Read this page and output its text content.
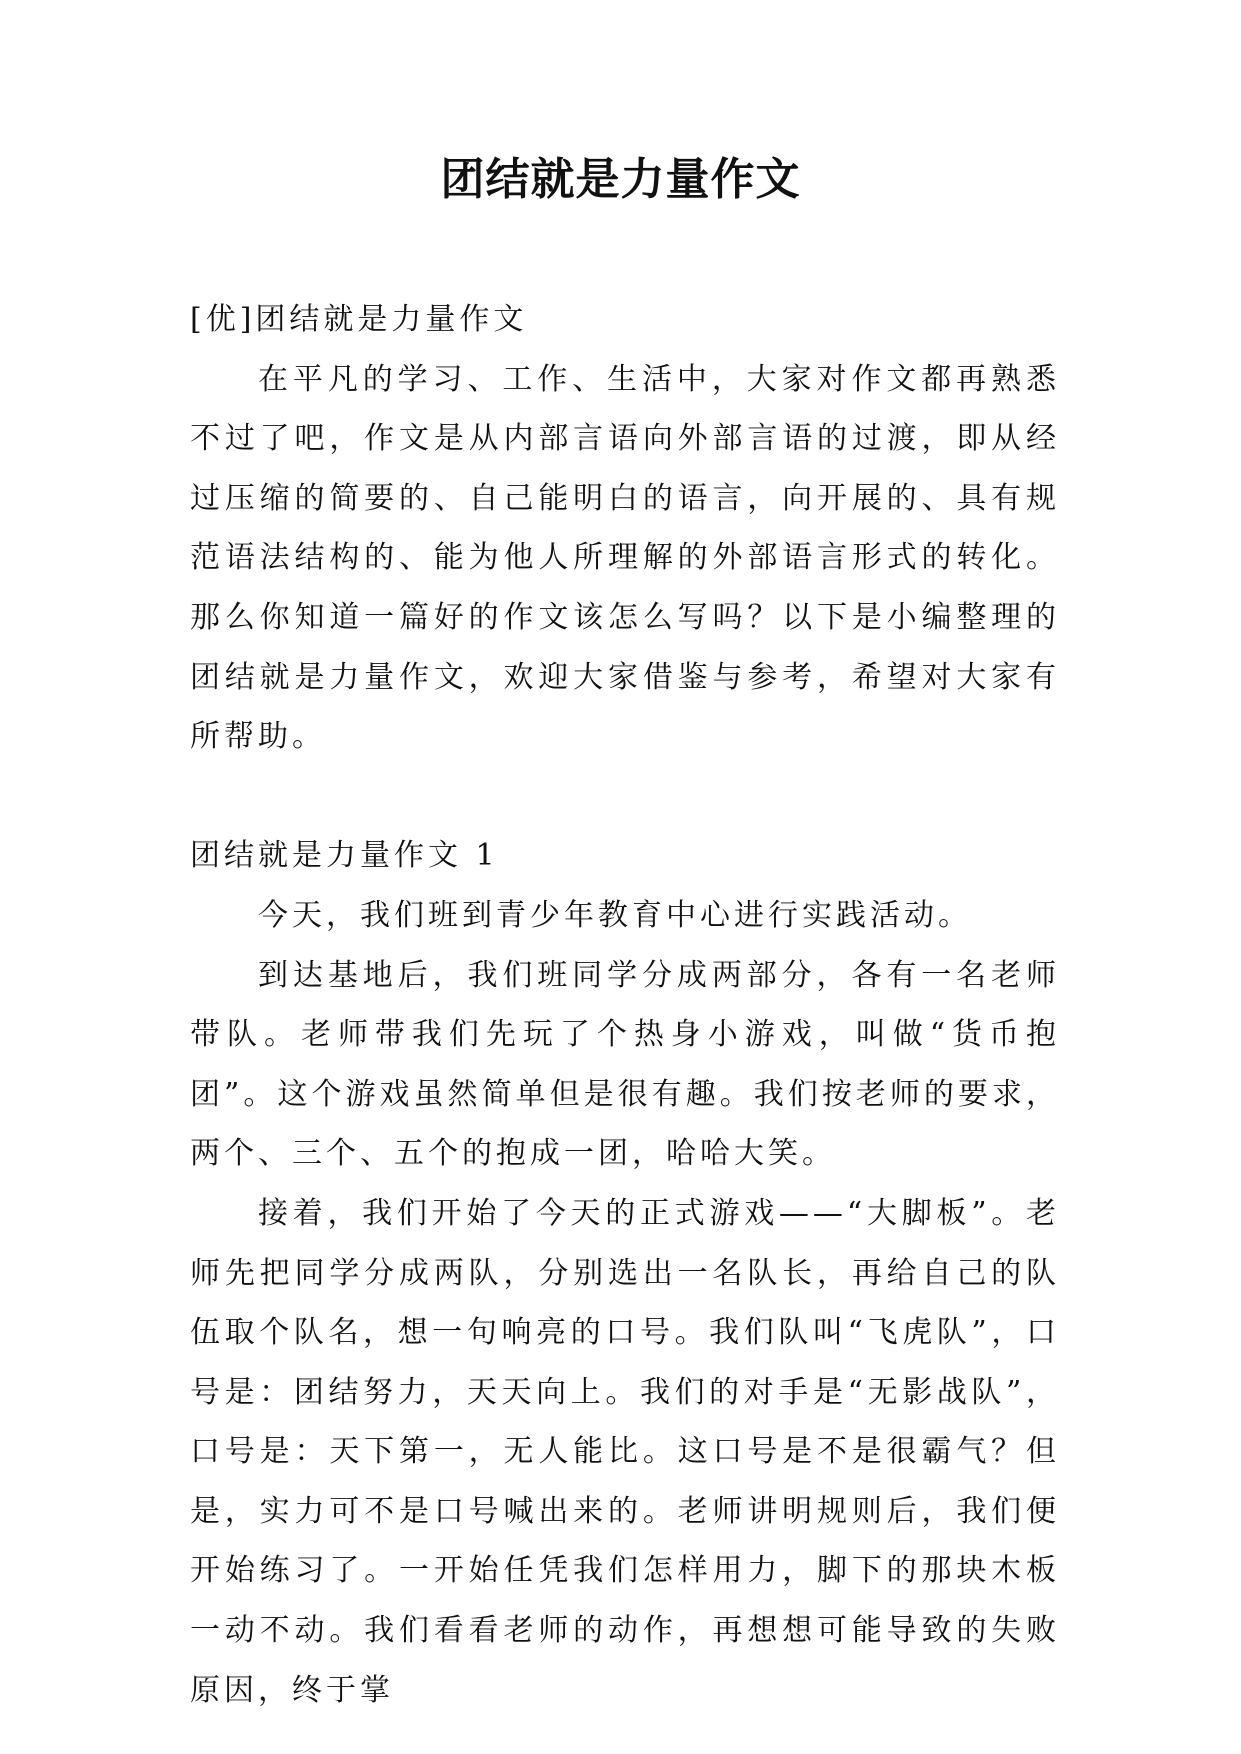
团结就是力量作文

[优]团结就是力量作文

在平凡的学习、工作、生活中，大家对作文都再熟悉不过了吧，作文是从内部言语向外部言语的过渡，即从经过压缩的简要的、自己能明白的语言，向开展的、具有规范语法结构的、能为他人所理解的外部语言形式的转化。那么你知道一篇好的作文该怎么写吗？以下是小编整理的团结就是力量作文，欢迎大家借鉴与参考，希望对大家有所帮助。

团结就是力量作文 1

今天，我们班到青少年教育中心进行实践活动。

到达基地后，我们班同学分成两部分，各有一名老师带队。老师带我们先玩了个热身小游戏，叫做“货币抱团”。这个游戏虽然简单但是很有趣。我们按老师的要求，两个、三个、五个的抱成一团，哈哈大笑。

接着，我们开始了今天的正式游戏——“大脚板”。老师先把同学分成两队，分别选出一名队长，再给自己的队伍取个队名，想一句响亮的口号。我们队叫“飞虎队”，口号是：团结努力，天天向上。我们的对手是“无影战队”，口号是：天下第一，无人能比。这口号是不是很霸气？但是，实力可不是口号喊出来的。老师讲明规则后，我们便开始练习了。一开始任凭我们怎样用力，脚下的那块木板一动不动。我们看看老师的动作，再想想可能导致的失败原因，终于掌
